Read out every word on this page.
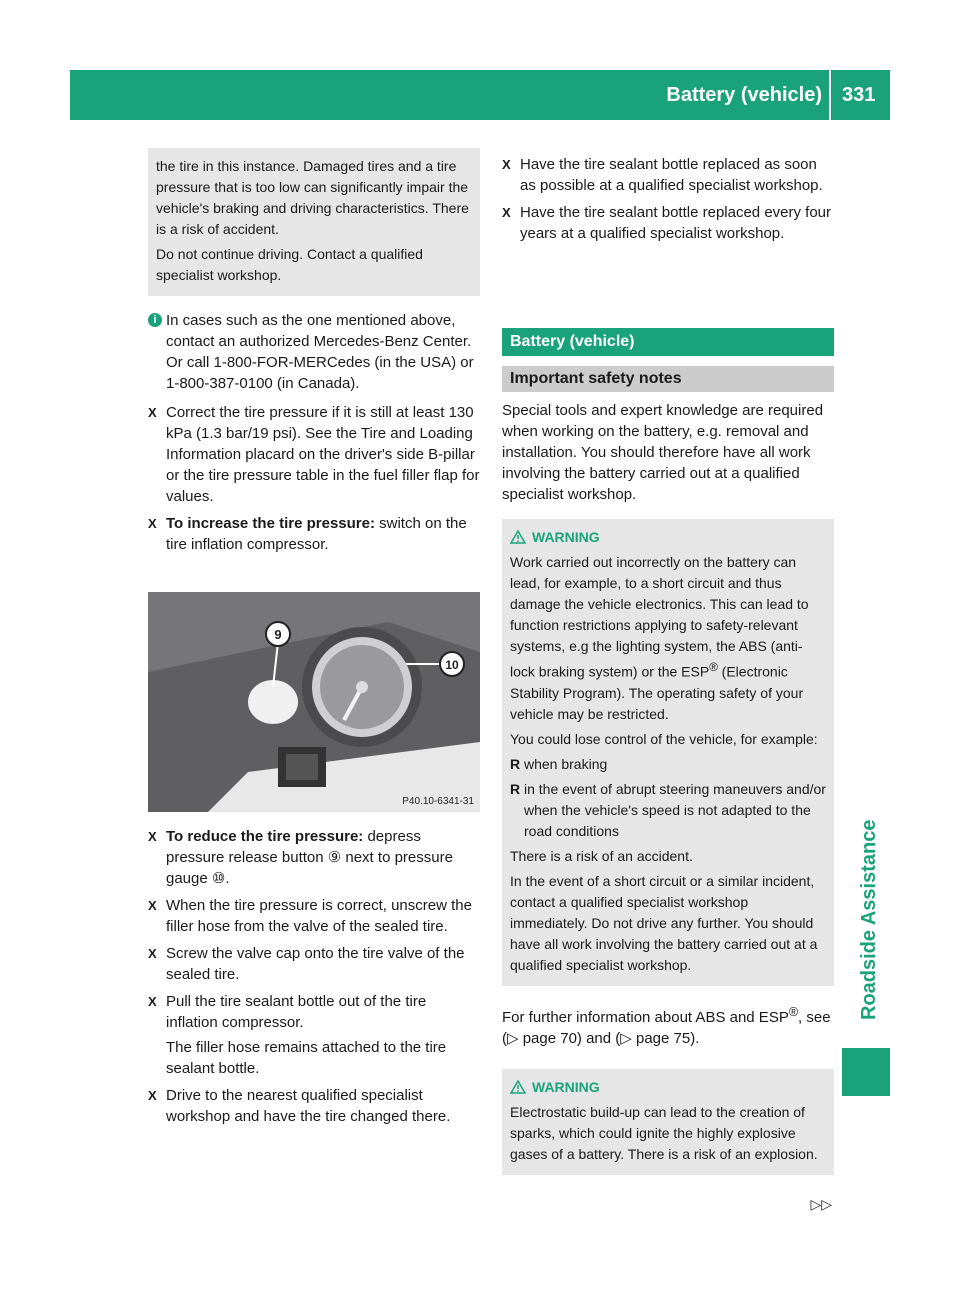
Battery (vehicle) 331
Roadside Assistance

the tire in this instance. Damaged tires and a tire pressure that is too low can significantly impair the vehicle's braking and driving characteristics. There is a risk of accident.

Do not continue driving. Contact a qualified specialist workshop.

i In cases such as the one mentioned above, contact an authorized Mercedes-Benz Center. Or call 1-800-FOR-MERCedes (in the USA) or 1-800-387-0100 (in Canada).
X Correct the tire pressure if it is still at least 130 kPa (1.3 bar/19 psi). See the Tire and Loading Information placard on the driver's side B-pillar or the tire pressure table in the fuel filler flap for values.
X To increase the tire pressure: switch on the tire inflation compressor.
9
10
P40.10-6341-31
X To reduce the tire pressure: depress pressure release button ⑨ next to pressure gauge ⑩.
X When the tire pressure is correct, unscrew the filler hose from the valve of the sealed tire.
X Screw the valve cap onto the tire valve of the sealed tire.
X Pull the tire sealant bottle out of the tire inflation compressor.
The filler hose remains attached to the tire sealant bottle.
X Drive to the nearest qualified specialist workshop and have the tire changed there.
X Have the tire sealant bottle replaced as soon as possible at a qualified specialist workshop.
X Have the tire sealant bottle replaced every four years at a qualified specialist workshop.
Battery (vehicle)
Important safety notes

Special tools and expert knowledge are required when working on the battery, e.g. removal and installation. You should therefore have all work involving the battery carried out at a qualified specialist workshop.

WARNING

Work carried out incorrectly on the battery can lead, for example, to a short circuit and thus damage the vehicle electronics. This can lead to function restrictions applying to safety-relevant systems, e.g the lighting system, the ABS (anti-lock braking system) or the ESP® (Electronic Stability Program). The operating safety of your vehicle may be restricted.

You could lose control of the vehicle, for example:

R when braking

R in the event of abrupt steering maneuvers and/or when the vehicle's speed is not adapted to the road conditions

There is a risk of an accident.

In the event of a short circuit or a similar incident, contact a qualified specialist workshop immediately. Do not drive any further. You should have all work involving the battery carried out at a qualified specialist workshop.

For further information about ABS and ESP®, see (▷ page 70) and (▷ page 75).

WARNING

Electrostatic build-up can lead to the creation of sparks, which could ignite the highly explosive gases of a battery. There is a risk of an explosion.

▷▷
